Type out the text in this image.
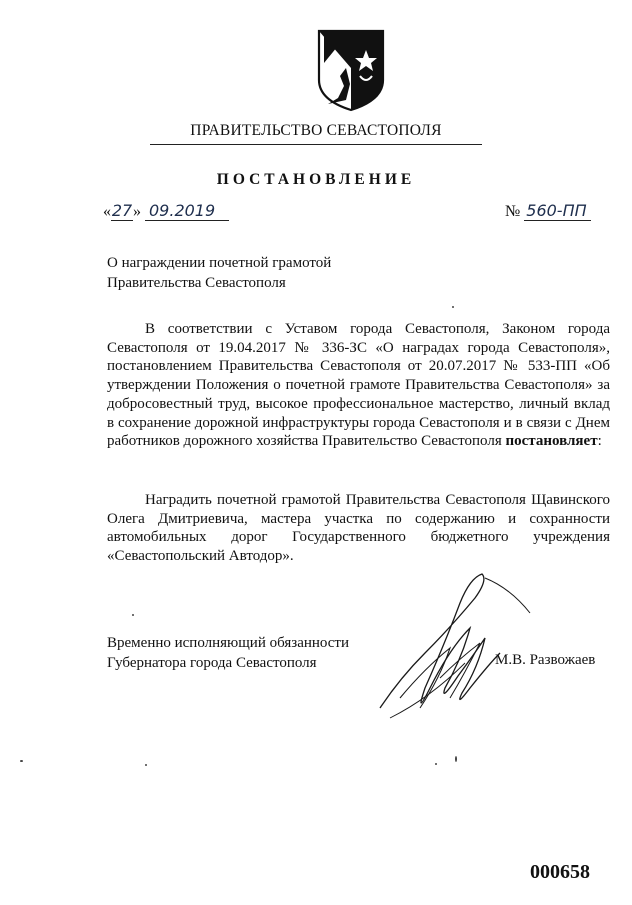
ПРАВИТЕЛЬСТВО СЕВАСТОПОЛЯ
ПОСТАНОВЛЕНИЕ
«27» 09.2019	№ 560-ПП
О награждении почетной грамотой
Правительства Севастополя
В соответствии с Уставом города Севастополя, Законом города Севастополя от 19.04.2017 № 336-ЗС «О наградах города Севастополя», постановлением Правительства Севастополя от 20.07.2017 № 533-ПП «Об утверждении Положения о почетной грамоте Правительства Севастополя» за добросовестный труд, высокое профессиональное мастерство, личный вклад в сохранение дорожной инфраструктуры города Севастополя и в связи с Днем работников дорожного хозяйства Правительство Севастополя постановляет:
Наградить почетной грамотой Правительства Севастополя Щавинского Олега Дмитриевича, мастера участка по содержанию и сохранности автомобильных дорог Государственного бюджетного учреждения «Севастопольский Автодор».
Временно исполняющий обязанности
Губернатора города Севастополя	М.В. Развожаев
000658
